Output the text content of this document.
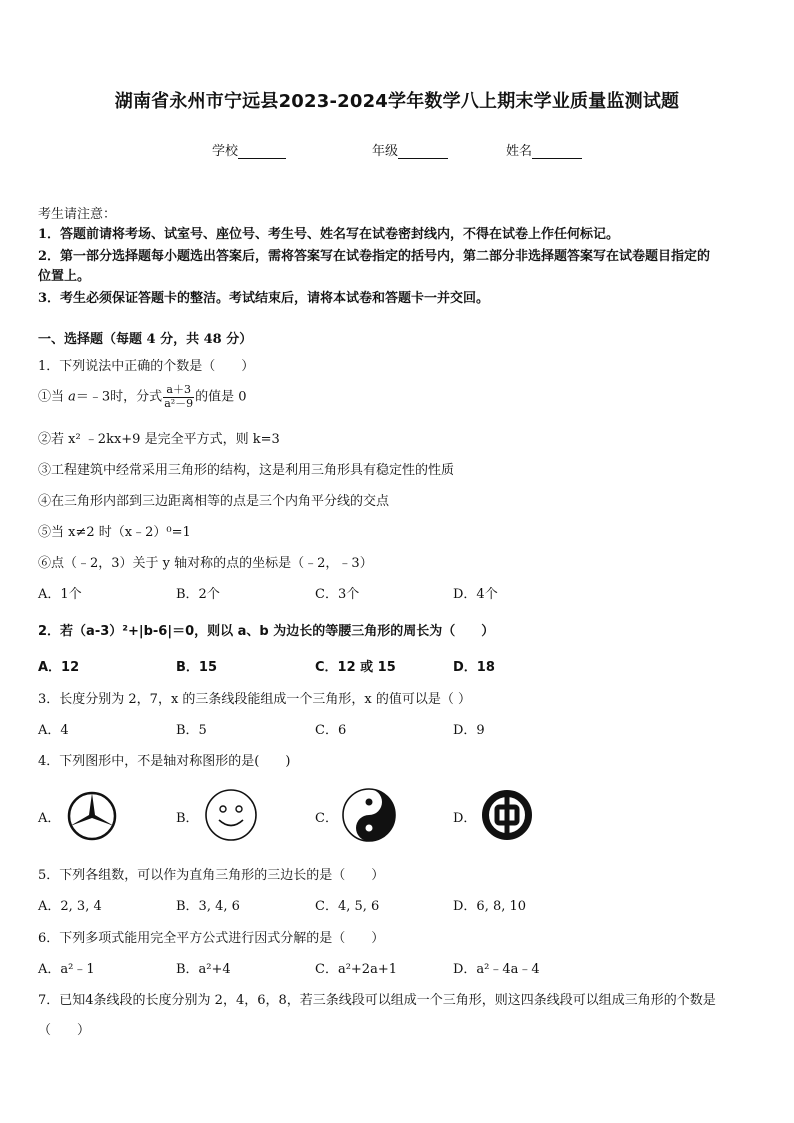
湖南省永州市宁远县2023-2024学年数学八上期末学业质量监测试题
学校	年级	姓名
考生请注意：
1．答题前请将考场、试室号、座位号、考生号、姓名写在试卷密封线内，不得在试卷上作任何标记。
2．第一部分选择题每小题选出答案后，需将答案写在试卷指定的括号内，第二部分非选择题答案写在试卷题目指定的
位置上。
3．考生必须保证答题卡的整洁。考试结束后，请将本试卷和答题卡一并交回。
一、选择题（每题 4 分，共 48 分）
1．下列说法中正确的个数是（　　）
①当 a＝﹣3时，分式 $\frac{a+3}{\text{a²－9}}$ 的值是 0
②若 x² ﹣2kx+9 是完全平方式，则 k=3
③工程建筑中经常采用三角形的结构，这是利用三角形具有稳定性的性质
④在三角形内部到三边距离相等的点是三个内角平分线的交点
⑤当 x≠2 时（x﹣2）⁰=1
⑥点（﹣2，3）关于 y 轴对称的点的坐标是（﹣2，﹣3）
A．1个	B．2个	C．3个	D．4个
2．若（a-3）²+|b-6|＝0，则以 a、b 为边长的等腰三角形的周长为（　　）
A．12	B．15	C．12 或 15	D．18
3．长度分别为 2，7，x 的三条线段能组成一个三角形，x 的值可以是（ ）
A．4	B．5	C．6	D．9
4．下列图形中，不是轴对称图形的是(　　)
A．	B．	C．	D．
5．下列各组数，可以作为直角三角形的三边长的是（　　）
A．2, 3, 4	B．3, 4, 6	C．4, 5, 6	D．6, 8, 10
6．下列多项式能用完全平方公式进行因式分解的是（　　）
A．a²﹣1	B．a²+4	C．a²+2a+1	D．a²﹣4a﹣4
7．已知4条线段的长度分别为 2，4，6，8，若三条线段可以组成一个三角形，则这四条线段可以组成三角形的个数是
（　　）
